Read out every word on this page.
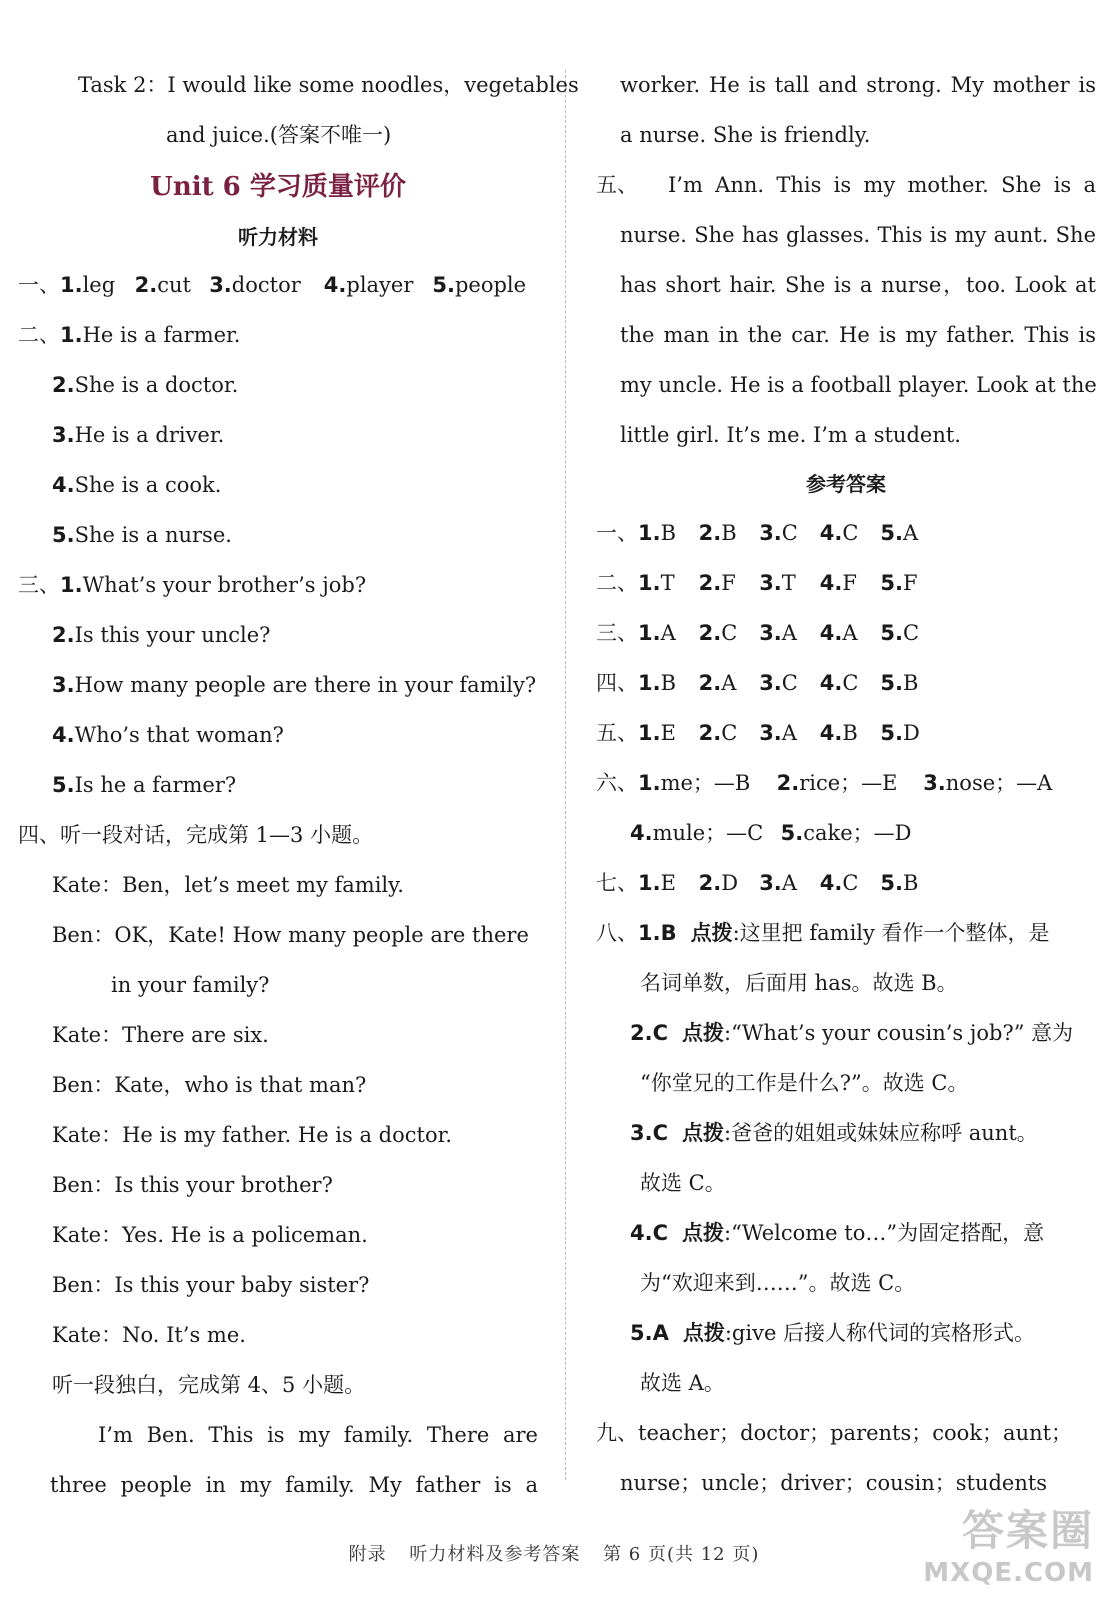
Task 2：I would like some noodles，vegetables
and juice.(答案不唯一)
Unit 6 学习质量评价
听力材料
一、1.leg 2.cut 3.doctor 4.player 5.people
二、1.He is a farmer.
2.She is a doctor.
3.He is a driver.
4.She is a cook.
5.She is a nurse.
三、1.What’s your brother’s job?
2.Is this your uncle?
3.How many people are there in your family?
4.Who’s that woman?
5.Is he a farmer?
四、听一段对话，完成第 1—3 小题。
Kate：Ben，let’s meet my family.
Ben：OK，Kate! How many people are there
in your family?
Kate：There are six.
Ben：Kate，who is that man?
Kate：He is my father. He is a doctor.
Ben：Is this your brother?
Kate：Yes. He is a policeman.
Ben：Is this your baby sister?
Kate：No. It’s me.
听一段独白，完成第 4、5 小题。
I’m Ben. This is my family. There are
three people in my family. My father is a
worker. He is tall and strong. My mother is
a nurse. She is friendly.
五、	I’m Ann. This is my mother. She is a
nurse. She has glasses. This is my aunt. She
has short hair. She is a nurse，too. Look at
the man in the car. He is my father. This is
my uncle. He is a football player. Look at the
little girl. It’s me. I’m a student.
参考答案
一、1.B 2.B 3.C 4.C 5.A
二、1.T 2.F 3.T 4.F 5.F
三、1.A 2.C 3.A 4.A 5.C
四、1.B 2.A 3.C 4.C 5.B
五、1.E 2.C 3.A 4.B 5.D
六、1.me；—B 2.rice；—E 3.nose；—A
4.mule；—C 5.cake；—D
七、1.E 2.D 3.A 4.C 5.B
八、1.B 点拨:这里把 family 看作一个整体，是
名词单数，后面用 has。故选 B。
2.C 点拨:“What’s your cousin’s job?” 意为
“你堂兄的工作是什么?”。故选 C。
3.C 点拨:爸爸的姐姐或妹妹应称呼 aunt。
故选 C。
4.C 点拨:“Welcome to…”为固定搭配，意
为“欢迎来到……”。故选 C。
5.A 点拨:give 后接人称代词的宾格形式。
故选 A。
九、teacher；doctor；parents；cook；aunt；
nurse；uncle；driver；cousin；students
附录 听力材料及参考答案 第 6 页(共 12 页)	答案圈
MXQE.COM
